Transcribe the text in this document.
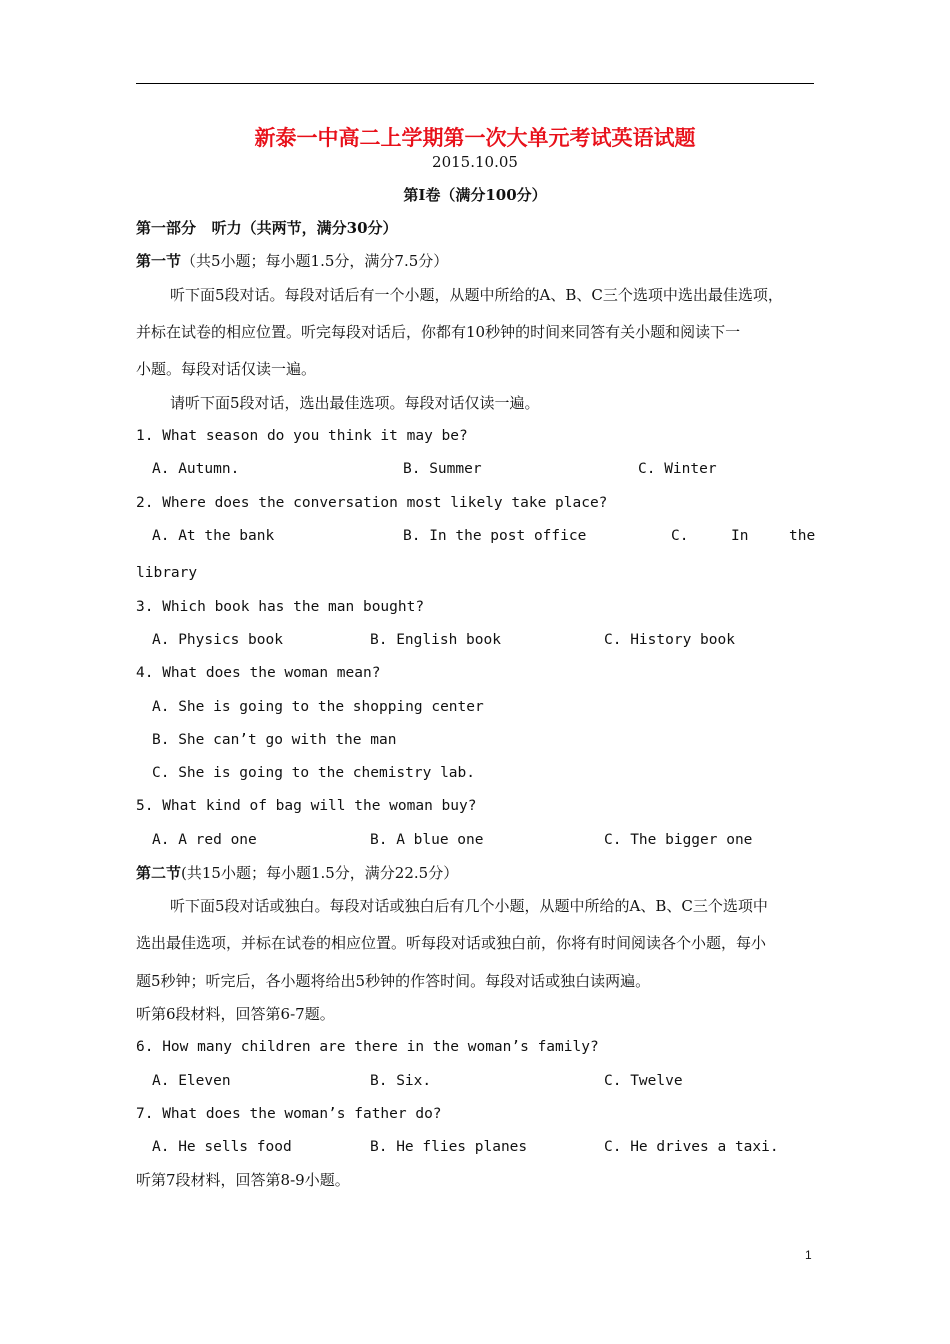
新泰一中高二上学期第一次大单元考试英语试题
2015.10.05
第Ⅰ卷（满分100分）
第一部分   听力（共两节，满分30分）
第一节（共5小题；每小题1.5分，满分7.5分）
听下面5段对话。每段对话后有一个小题，从题中所给的A、B、C三个选项中选出最佳选项，
并标在试卷的相应位置。听完每段对话后，你都有10秒钟的时间来同答有关小题和阅读下一
小题。每段对话仅读一遍。
请听下面5段对话，选出最佳选项。每段对话仅读一遍。
1. What season do you think it may be?
A. Autumn.	B. Summer	C. Winter
2. Where does the conversation most likely take place?
A. At the bank	B. In the post office	C.	In	the
library
3. Which book has the man bought?
A. Physics book	B. English book	C. History book
4. What does the woman mean?
A. She is going to the shopping center
B. She can’t go with the man
C. She is going to the chemistry lab.
5. What kind of bag will the woman buy?
A. A red one	B. A blue one	C. The bigger one
第二节(共15小题；每小题1.5分，满分22.5分）
听下面5段对话或独白。每段对话或独白后有几个小题，从题中所给的A、B、C三个选项中
选出最佳选项，并标在试卷的相应位置。听每段对话或独白前，你将有时间阅读各个小题，每小
题5秒钟；听完后，各小题将给出5秒钟的作答时间。每段对话或独白读两遍。
听第6段材料，回答第6-7题。
6. How many children are there in the woman’s family?
A. Eleven	B. Six.	C. Twelve
7. What does the woman’s father do?
A. He sells food	B. He flies planes	C. He drives a taxi.
听第7段材料，回答第8-9小题。
1
